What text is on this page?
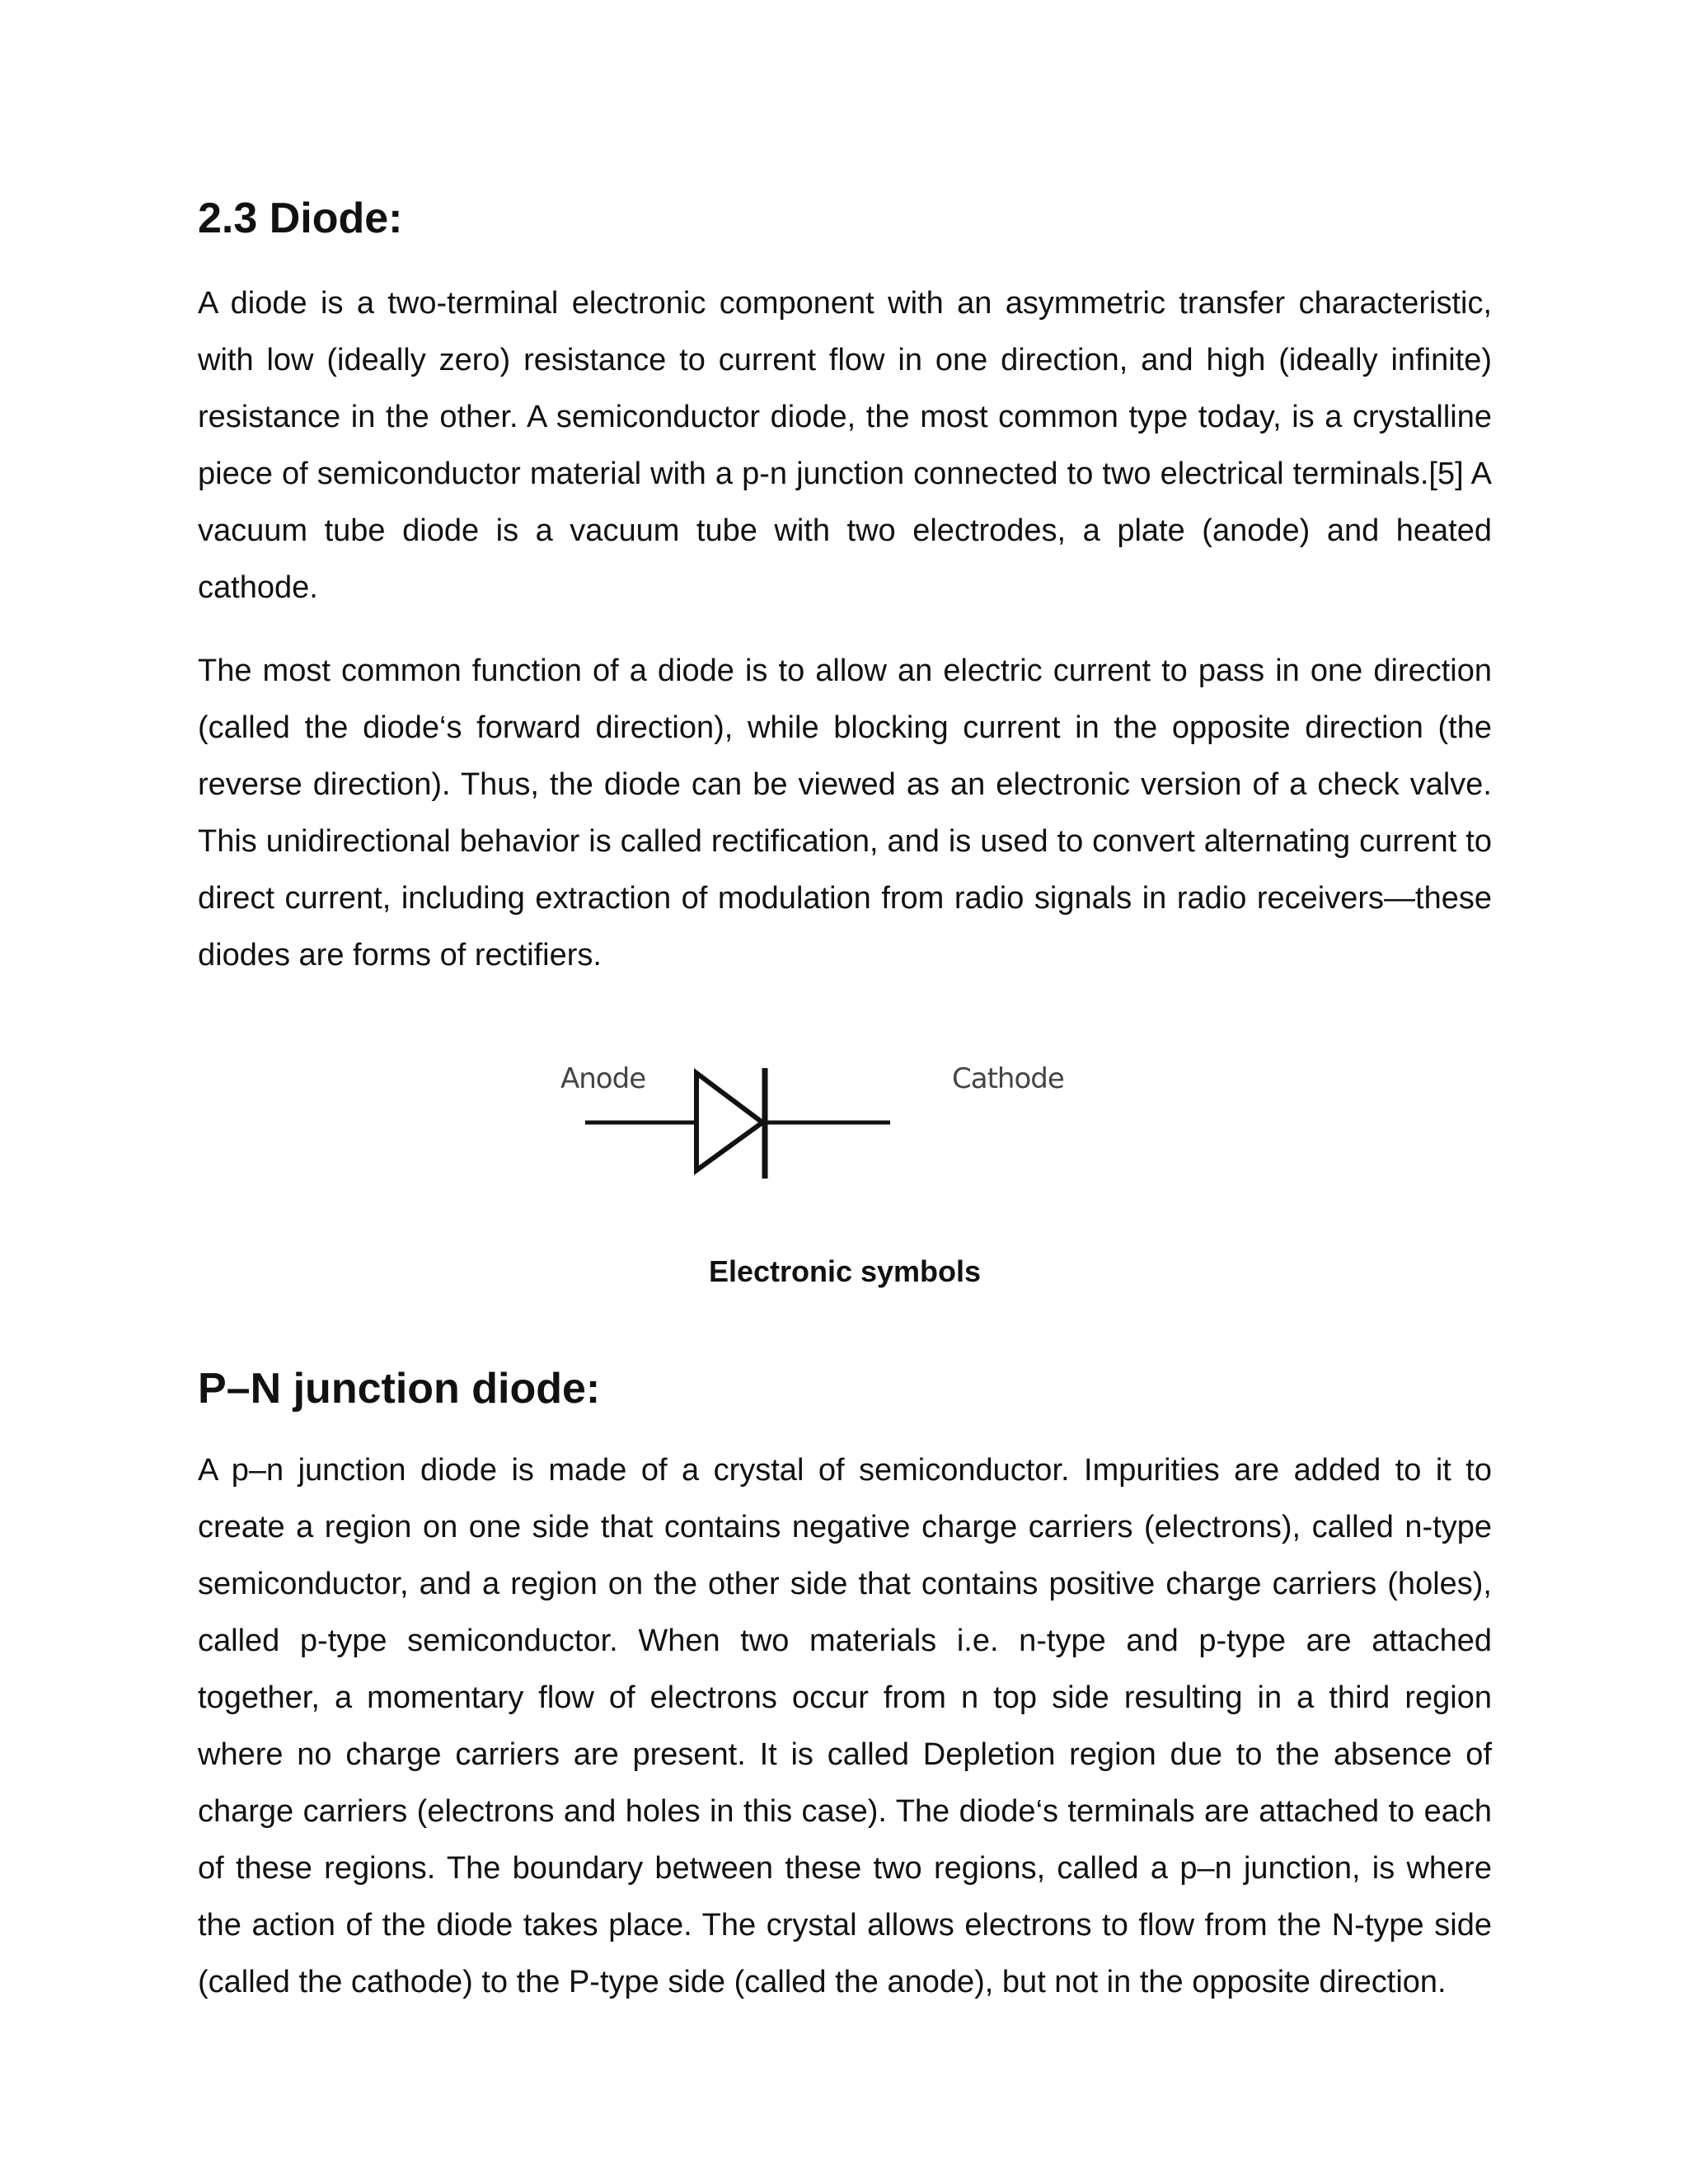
2.3 Diode:

A diode is a two-terminal electronic component with an asymmetric transfer characteristic, with low (ideally zero) resistance to current flow in one direction, and high (ideally infinite) resistance in the other. A semiconductor diode, the most common type today, is a crystalline piece of semiconductor material with a p-n junction connected to two electrical terminals.[5] A vacuum tube diode is a vacuum tube with two electrodes, a plate (anode) and heated cathode.

The most common function of a diode is to allow an electric current to pass in one direction (called the diode‘s forward direction), while blocking current in the opposite direction (the reverse direction). Thus, the diode can be viewed as an electronic version of a check valve. This unidirectional behavior is called rectification, and is used to convert alternating current to direct current, including extraction of modulation from radio signals in radio receivers—these diodes are forms of rectifiers.

Anode	Cathode
Electronic symbols
P–N junction diode:

A p–n junction diode is made of a crystal of semiconductor. Impurities are added to it to create a region on one side that contains negative charge carriers (electrons), called n-type semiconductor, and a region on the other side that contains positive charge carriers (holes), called p-type semiconductor. When two materials i.e. n-type and p-type are attached together, a momentary flow of electrons occur from n top side resulting in a third region where no charge carriers are present. It is called Depletion region due to the absence of charge carriers (electrons and holes in this case). The diode‘s terminals are attached to each of these regions. The boundary between these two regions, called a p–n junction, is where the action of the diode takes place. The crystal allows electrons to flow from the N-type side (called the cathode) to the P-type side (called the anode), but not in the opposite direction.
